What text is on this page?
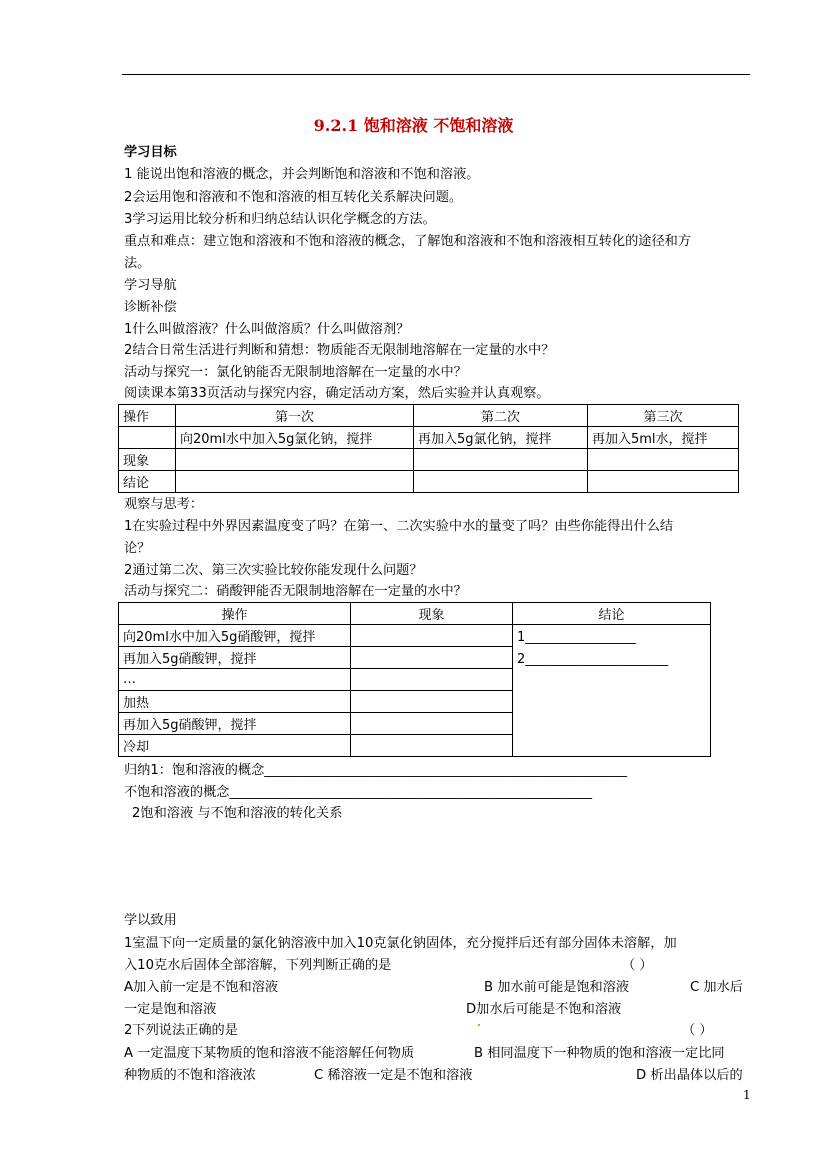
9.2.1 饱和溶液 不饱和溶液
学习目标
1 能说出饱和溶液的概念，并会判断饱和溶液和不饱和溶液。
2会运用饱和溶液和不饱和溶液的相互转化关系解决问题。
3学习运用比较分析和归纳总结认识化学概念的方法。
重点和难点：建立饱和溶液和不饱和溶液的概念，了解饱和溶液和不饱和溶液相互转化的途径和方
法。
学习导航
诊断补偿
1什么叫做溶液？什么叫做溶质？什么叫做溶剂？
2结合日常生活进行判断和猜想：物质能否无限制地溶解在一定量的水中？
活动与探究一：氯化钠能否无限制地溶解在一定量的水中？
阅读课本第33页活动与探究内容，确定活动方案，然后实验并认真观察。
操作	第一次	第二次	第三次
	向20ml水中加入5g氯化钠，搅拌	再加入5g氯化钠，搅拌	再加入5ml水，搅拌
现象			
结论			
观察与思考：
1在实验过程中外界因素温度变了吗？在第一、二次实验中水的量变了吗？由些你能得出什么结
论？
2通过第二次、第三次实验比较你能发现什么问题？
活动与探究二：硝酸钾能否无限制地溶解在一定量的水中？
操作	现象	结论
向20ml水中加入5g硝酸钾，搅拌		1_________________
2______________________

再加入5g硝酸钾，搅拌		
…		
加热		
再加入5g硝酸钾，搅拌		
冷却		
归纳1：饱和溶液的概念_______________________________________________________
不饱和溶液的概念_______________________________________________________
2饱和溶液 与不饱和溶液的转化关系
学以致用
1室温下向一定质量的氯化钠溶液中加入10克氯化钠固体，充分搅拌后还有部分固体未溶解，加
入10克水后固体全部溶解，下列判断正确的是	（ ）
A加入前一定是不饱和溶液	B 加水前可能是饱和溶液	C 加水后
一定是饱和溶液	D加水后可能是不饱和溶液
2下列说法正确的是	（ ）
A 一定温度下某物质的饱和溶液不能溶解任何物质	B 相同温度下一种物质的饱和溶液一定比同
种物质的不饱和溶液浓	C 稀溶液一定是不饱和溶液	D 析出晶体以后的
1
